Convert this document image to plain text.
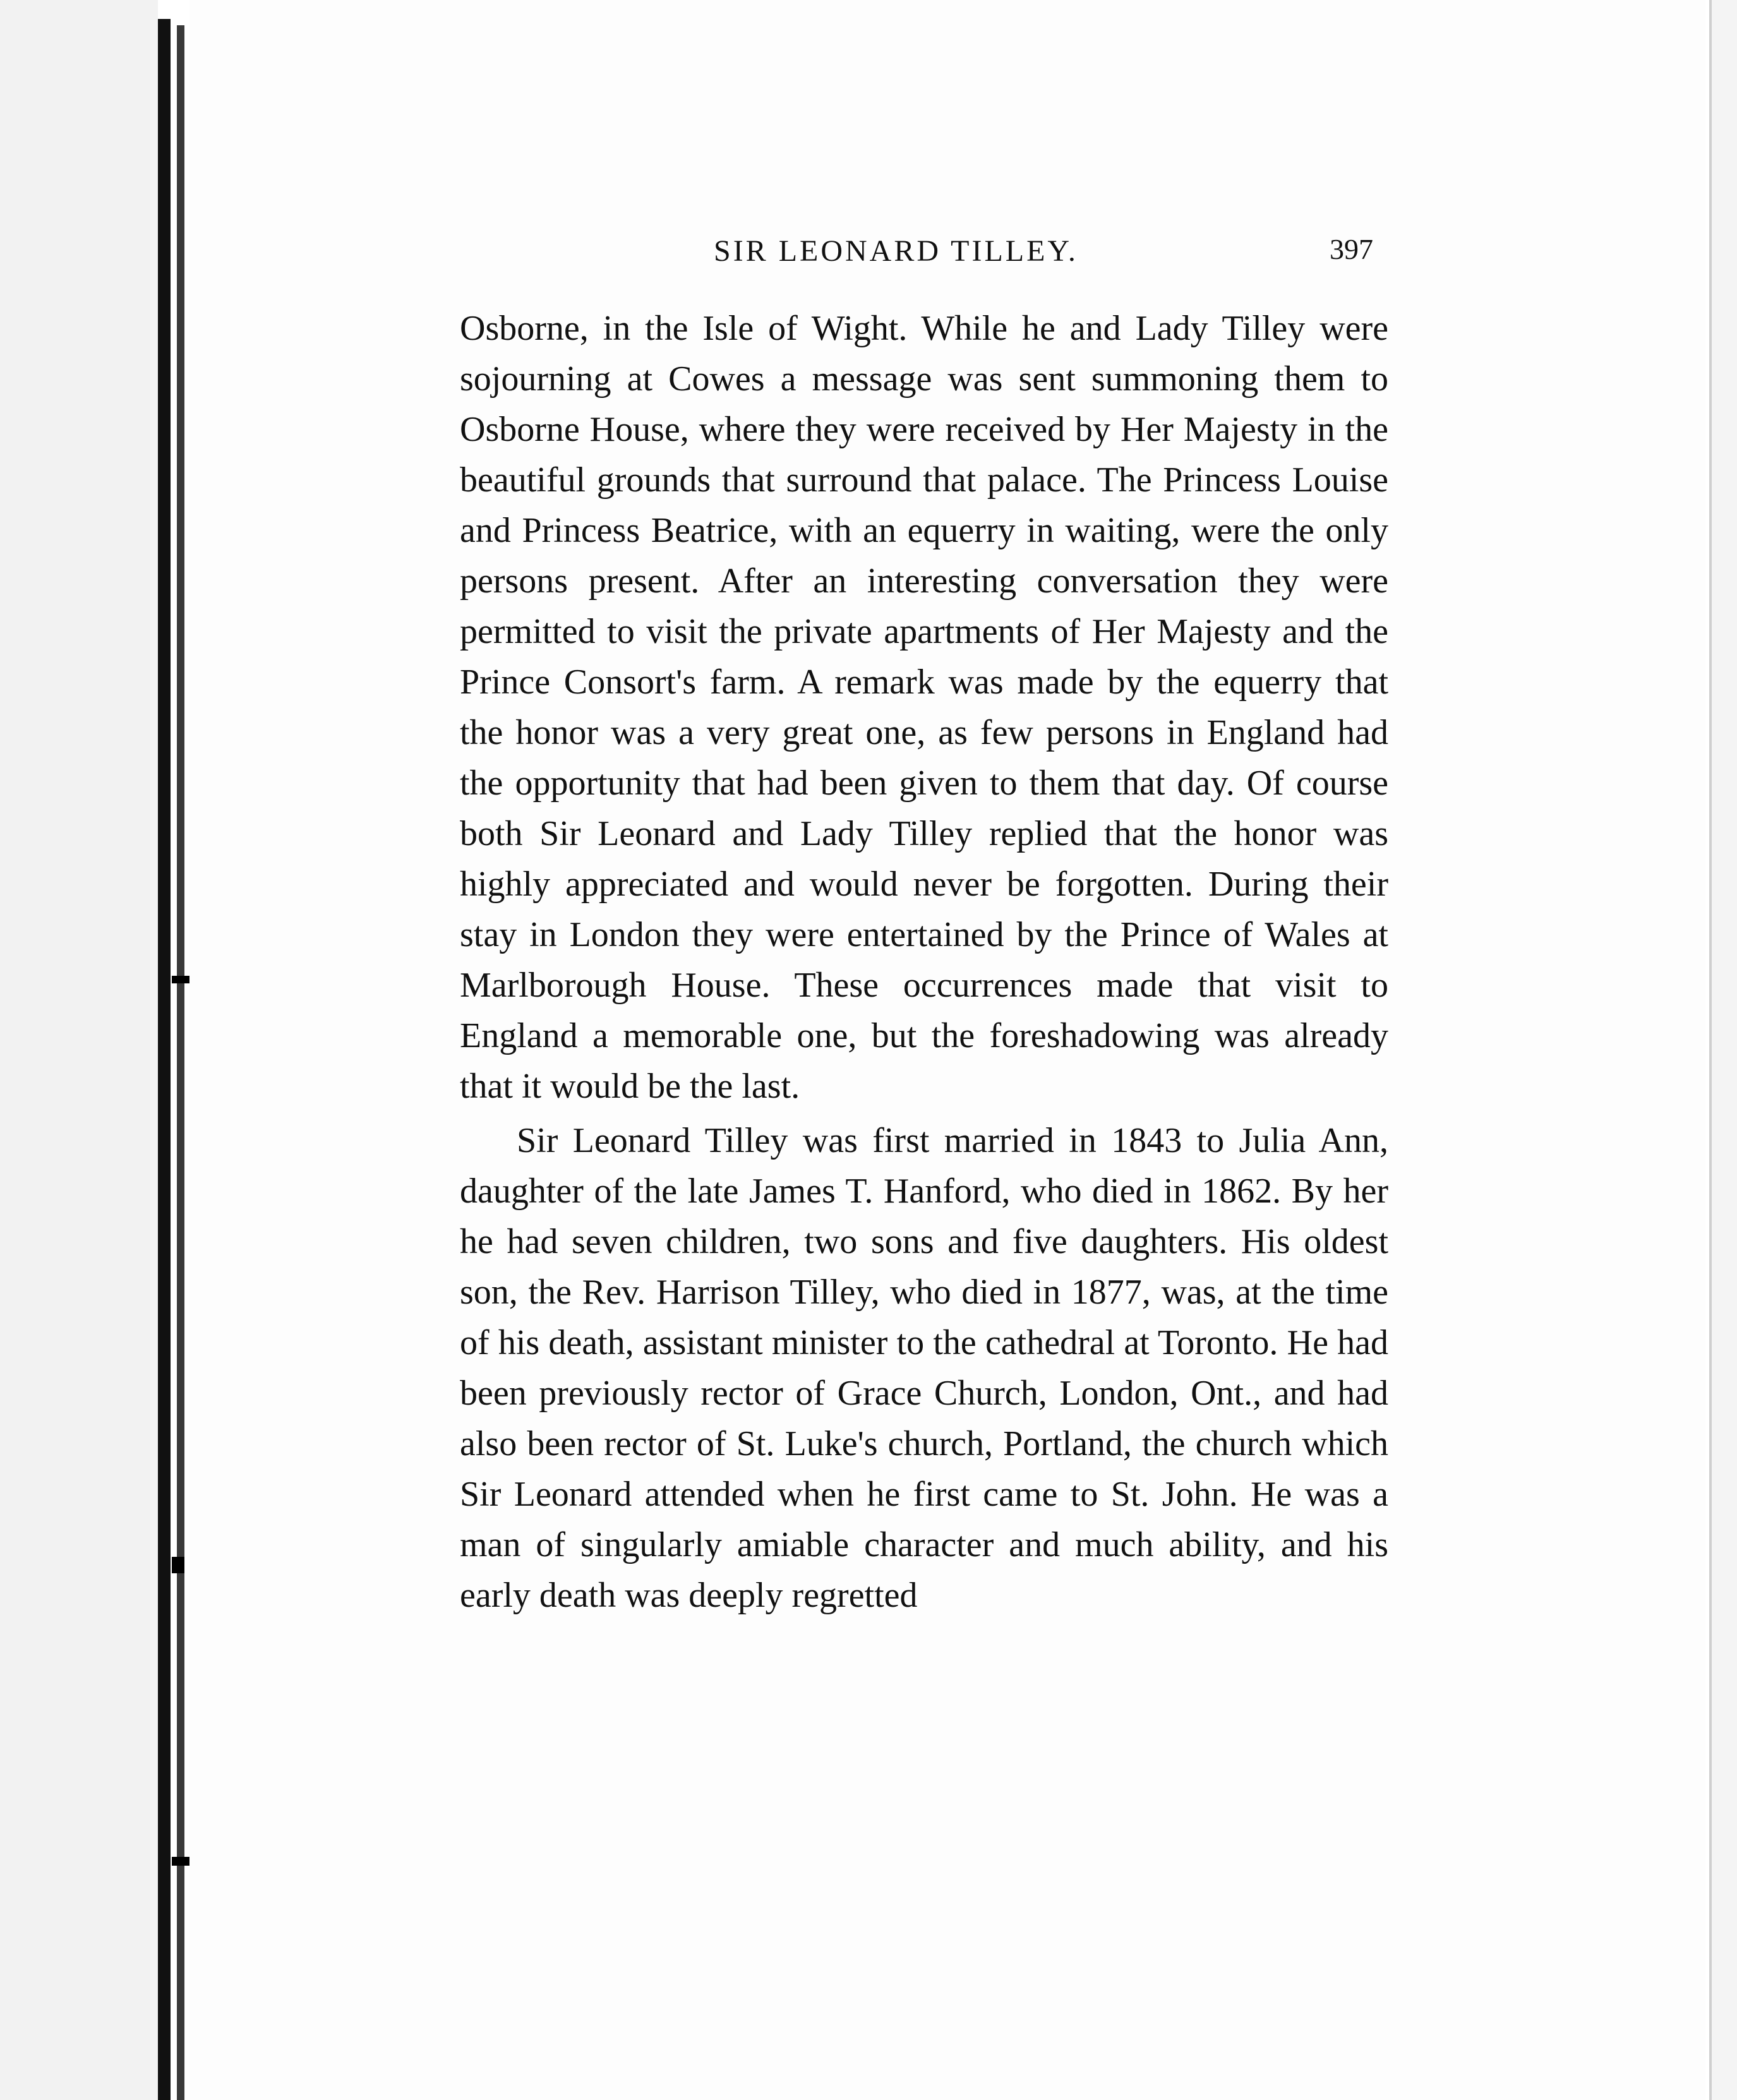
SIR LEONARD TILLEY.	397

Osborne, in the Isle of Wight. While he and Lady Tilley were sojourning at Cowes a message was sent summoning them to Osborne House, where they were received by Her Majesty in the beautiful grounds that surround that palace. The Princess Louise and Princess Beatrice, with an equerry in waiting, were the only persons present. After an interesting conversation they were permitted to visit the private apartments of Her Majesty and the Prince Consort's farm. A remark was made by the equerry that the honor was a very great one, as few persons in England had the opportunity that had been given to them that day. Of course both Sir Leonard and Lady Tilley replied that the honor was highly appreciated and would never be forgotten. During their stay in London they were entertained by the Prince of Wales at Marlborough House. These occurrences made that visit to England a memorable one, but the foreshadowing was already that it would be the last.

Sir Leonard Tilley was first married in 1843 to Julia Ann, daughter of the late James T. Hanford, who died in 1862. By her he had seven children, two sons and five daughters. His oldest son, the Rev. Harrison Tilley, who died in 1877, was, at the time of his death, assistant minister to the cathedral at Toronto. He had been previously rector of Grace Church, London, Ont., and had also been rector of St. Luke's church, Portland, the church which Sir Leonard attended when he first came to St. John. He was a man of singularly amiable character and much ability, and his early death was deeply regretted
